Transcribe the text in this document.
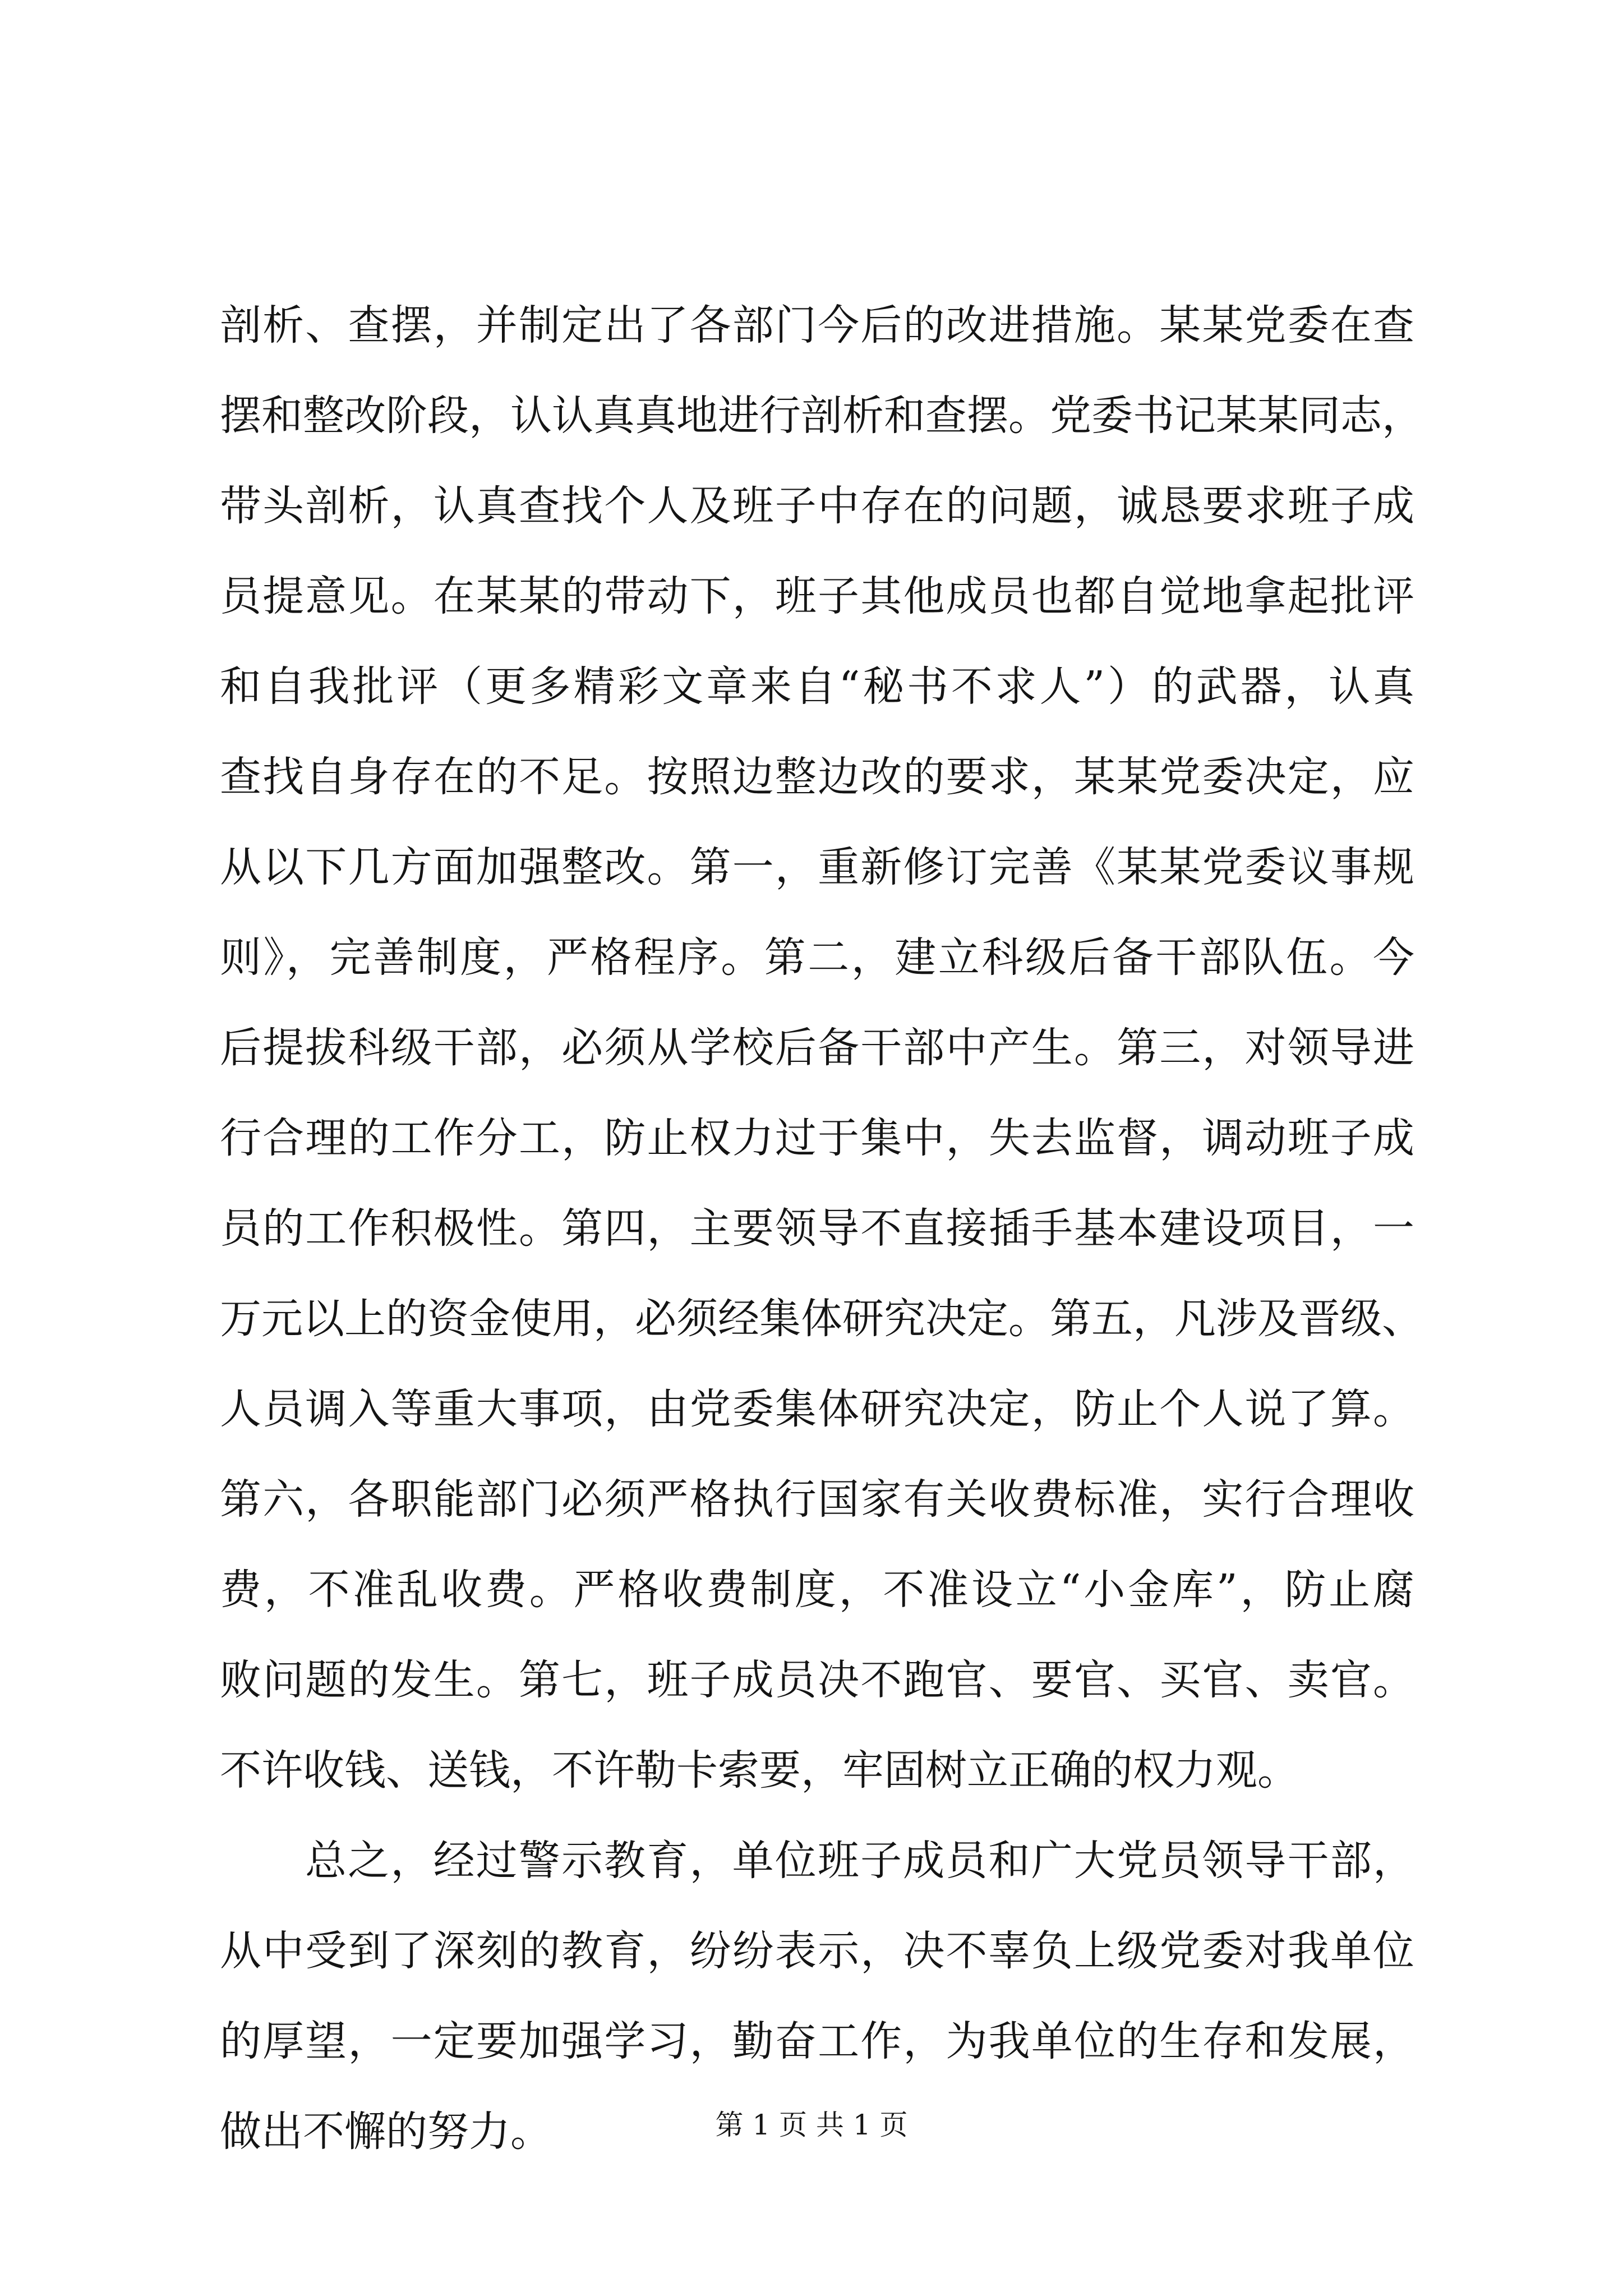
剖析、查摆，并制定出了各部门今后的改进措施。某某党委在查
摆和整改阶段，认认真真地进行剖析和查摆。党委书记某某同志，
带头剖析，认真查找个人及班子中存在的问题，诚恳要求班子成
员提意见。在某某的带动下，班子其他成员也都自觉地拿起批评
和自我批评（更多精彩文章来自“秘书不求人”）的武器，认真
查找自身存在的不足。按照边整边改的要求，某某党委决定，应
从以下几方面加强整改。第一，重新修订完善《某某党委议事规
则》，完善制度，严格程序。第二，建立科级后备干部队伍。今
后提拔科级干部，必须从学校后备干部中产生。第三，对领导进
行合理的工作分工，防止权力过于集中，失去监督，调动班子成
员的工作积极性。第四，主要领导不直接插手基本建设项目，一
万元以上的资金使用，必须经集体研究决定。第五，凡涉及晋级、
人员调入等重大事项，由党委集体研究决定，防止个人说了算。
第六，各职能部门必须严格执行国家有关收费标准，实行合理收
费，不准乱收费。严格收费制度，不准设立“小金库”，防止腐
败问题的发生。第七，班子成员决不跑官、要官、买官、卖官。
不许收钱、送钱，不许勒卡索要，牢固树立正确的权力观。
总之，经过警示教育，单位班子成员和广大党员领导干部，
从中受到了深刻的教育，纷纷表示，决不辜负上级党委对我单位
的厚望，一定要加强学习，勤奋工作，为我单位的生存和发展，
做出不懈的努力。	第 1 页 共 1 页
